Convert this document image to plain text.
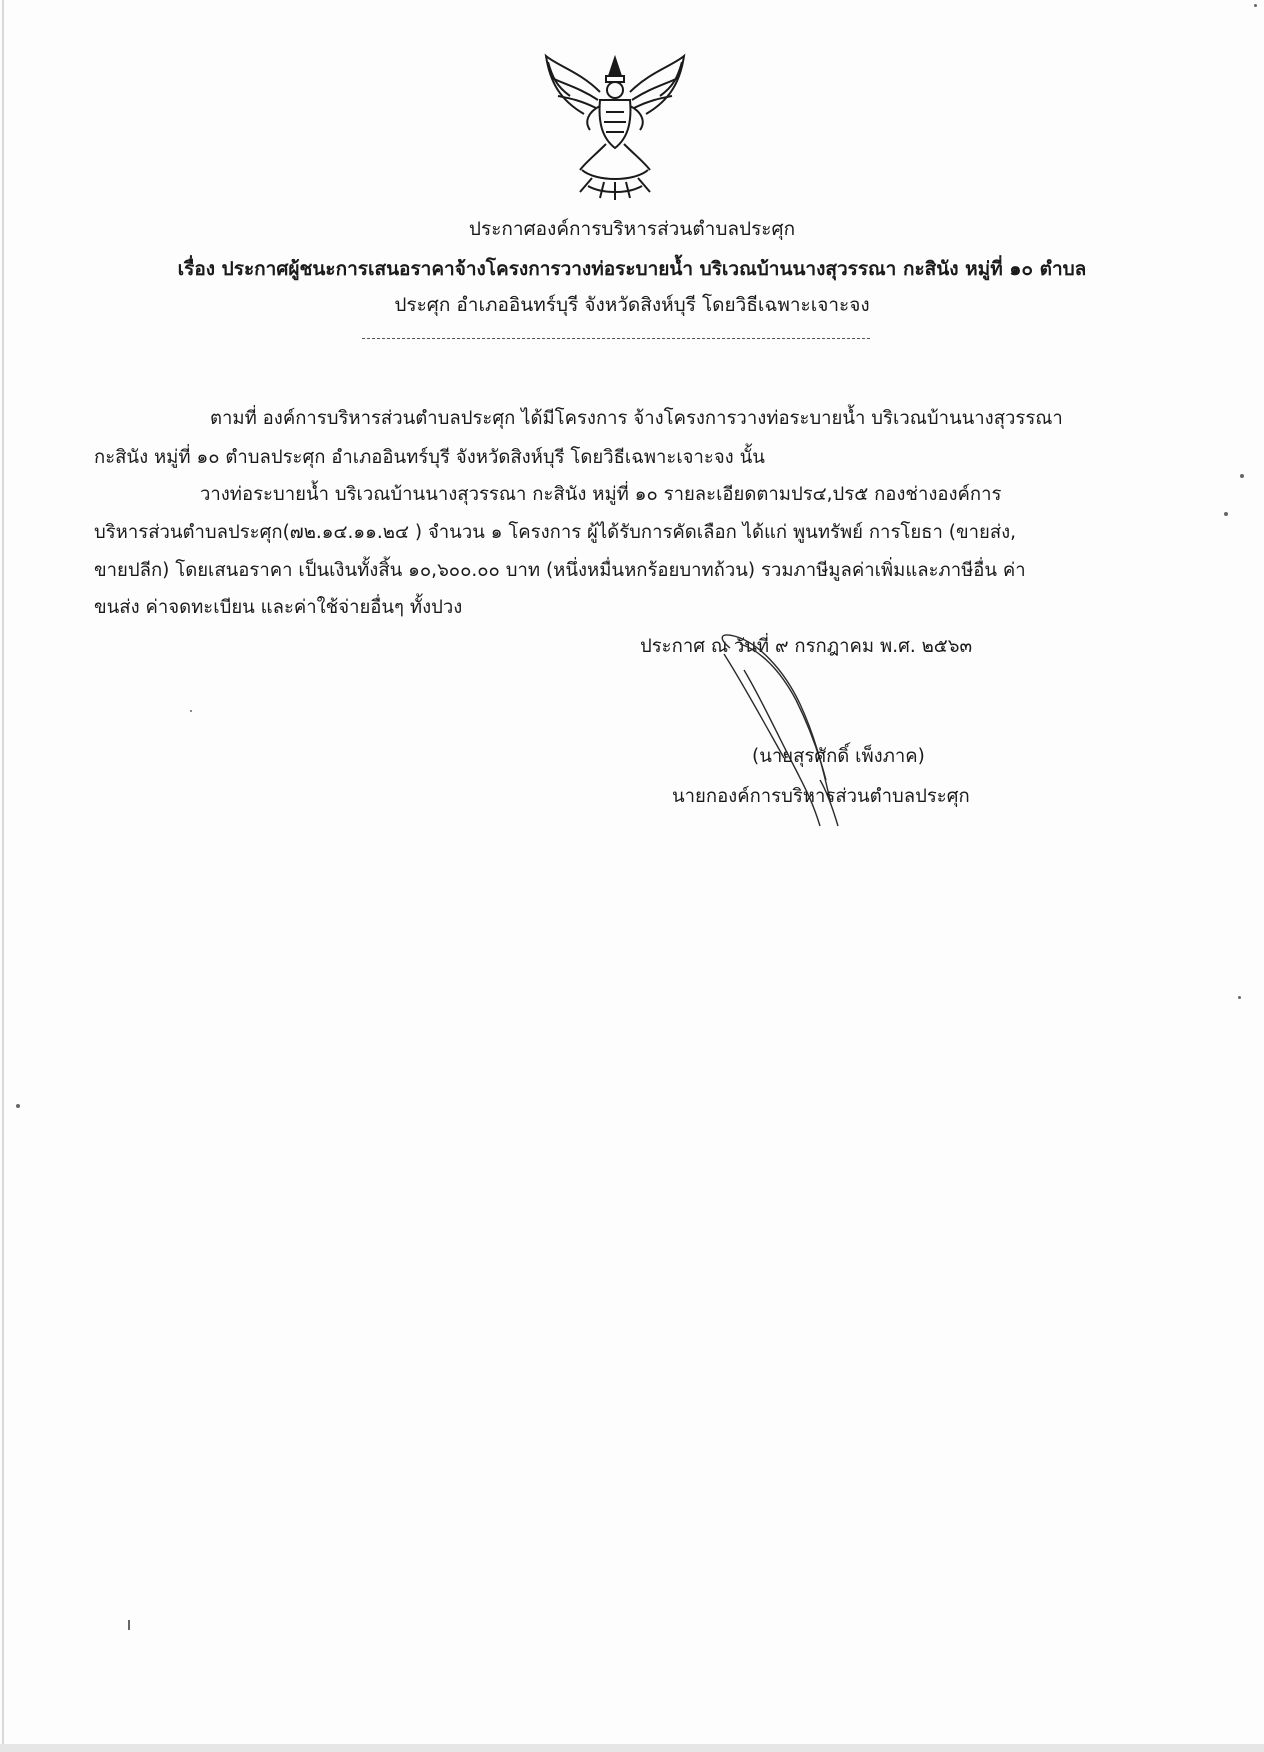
ประกาศองค์การบริหารส่วนตำบลประศุก
เรื่อง ประกาศผู้ชนะการเสนอราคาจ้างโครงการวางท่อระบายน้ำ บริเวณบ้านนางสุวรรณา กะสินัง หมู่ที่ ๑๐ ตำบล
ประศุก อำเภออินทร์บุรี จังหวัดสิงห์บุรี โดยวิธีเฉพาะเจาะจง
ตามที่ องค์การบริหารส่วนตำบลประศุก ได้มีโครงการ จ้างโครงการวางท่อระบายน้ำ บริเวณบ้านนางสุวรรณา
กะสินัง หมู่ที่ ๑๐ ตำบลประศุก อำเภออินทร์บุรี จังหวัดสิงห์บุรี โดยวิธีเฉพาะเจาะจง นั้น
วางท่อระบายน้ำ บริเวณบ้านนางสุวรรณา กะสินัง หมู่ที่ ๑๐ รายละเอียดตามปร๔,ปร๕ กองช่างองค์การ
บริหารส่วนตำบลประศุก(๗๒.๑๔.๑๑.๒๔ ) จำนวน ๑ โครงการ ผู้ได้รับการคัดเลือก ได้แก่ พูนทรัพย์ การโยธา (ขายส่ง,
ขายปลีก) โดยเสนอราคา เป็นเงินทั้งสิ้น ๑๐,๖๐๐.๐๐ บาท (หนึ่งหมื่นหกร้อยบาทถ้วน) รวมภาษีมูลค่าเพิ่มและภาษีอื่น ค่า
ขนส่ง ค่าจดทะเบียน และค่าใช้จ่ายอื่นๆ ทั้งปวง
ประกาศ ณ วันที่ ๙ กรกฎาคม พ.ศ. ๒๕๖๓
(นายสุรศักดิ์ เพ็งภาค)
นายกองค์การบริหารส่วนตำบลประศุก
